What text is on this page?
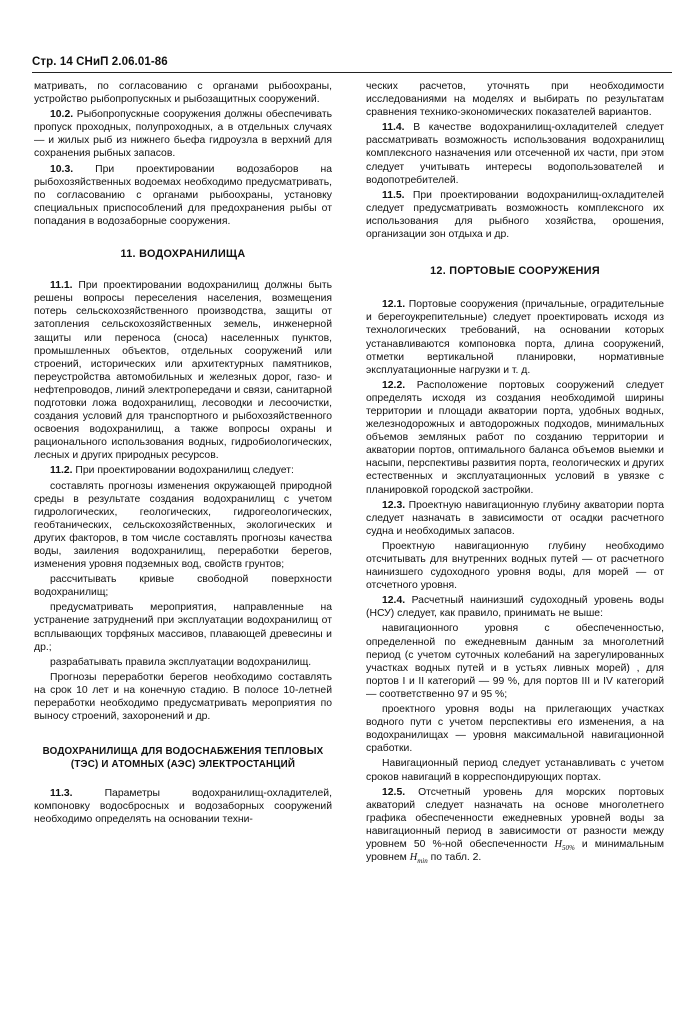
Стр. 14 СНиП 2.06.01-86

матривать, по согласованию с органами рыбоохраны, устройство рыбопропускных и рыбозащитных сооружений.

10.2. Рыбопропускные сооружения должны обеспечивать пропуск проходных, полупроходных, а в отдельных случаях — и жилых рыб из нижнего бьефа гидроузла в верхний для сохранения рыбных запасов.

10.3. При проектировании водозаборов на рыбохозяйственных водоемах необходимо предусматривать, по согласованию с органами рыбоохраны, установку специальных приспособлений для предохранения рыбы от попадания в водозаборные сооружения.

11. ВОДОХРАНИЛИЩА

11.1. При проектировании водохранилищ должны быть решены вопросы переселения населения, возмещения потерь сельскохозяйственного производства, защиты от затопления сельскохозяйственных земель, инженерной защиты или переноса (сноса) населенных пунктов, промышленных объектов, отдельных сооружений или строений, исторических или архитектурных памятников, переустройства автомобильных и железных дорог, газо- и нефтепроводов, линий электропередачи и связи, санитарной подготовки ложа водохранилищ, лесоводки и лесоочистки, создания условий для транспортного и рыбохозяйственного освоения водохранилищ, а также вопросы охраны и рационального использования водных, гидробиологических, лесных и других природных ресурсов.

11.2. При проектировании водохранилищ следует:

составлять прогнозы изменения окружающей природной среды в результате создания водохранилищ с учетом гидрологических, геологических, гидрогеологических, геобтанических, сельскохозяйственных, экологических и других факторов, в том числе составлять прогнозы качества воды, заиления водохранилищ, переработки берегов, изменения уровня подземных вод, свойств грунтов;

рассчитывать кривые свободной поверхности водохранилищ;

предусматривать мероприятия, направленные на устранение затруднений при эксплуатации водохранилищ от всплывающих торфяных массивов, плавающей древесины и др.;

разрабатывать правила эксплуатации водохранилищ.

Прогнозы переработки берегов необходимо составлять на срок 10 лет и на конечную стадию. В полосе 10-летней переработки необходимо предусматривать мероприятия по выносу строений, захоронений и др.

ВОДОХРАНИЛИЩА ДЛЯ ВОДОСНАБЖЕНИЯ ТЕПЛОВЫХ (ТЭС) И АТОМНЫХ (АЭС) ЭЛЕКТРОСТАНЦИЙ

11.3. Параметры водохранилищ-охладителей, компоновку водосбросных и водозаборных сооружений необходимо определять на основании техни-

ческих расчетов, уточнять при необходимости исследованиями на моделях и выбирать по результатам сравнения технико-экономических показателей вариантов.

11.4. В качестве водохранилищ-охладителей следует рассматривать возможность использования водохранилищ комплексного назначения или отсеченной их части, при этом следует учитывать интересы водопользователей и водопотребителей.

11.5. При проектировании водохранилищ-охладителей следует предусматривать возможность комплексного их использования для рыбного хозяйства, орошения, организации зон отдыха и др.

12. ПОРТОВЫЕ СООРУЖЕНИЯ

12.1. Портовые сооружения (причальные, оградительные и берегоукрепительные) следует проектировать исходя из технологических требований, на основании которых устанавливаются компоновка порта, длина сооружений, отметки вертикальной планировки, нормативные эксплуатационные нагрузки и т. д.

12.2. Расположение портовых сооружений следует определять исходя из создания необходимой ширины территории и площади акватории порта, удобных водных, железнодорожных и автодорожных подходов, минимальных объемов земляных работ по созданию территории и акватории портов, оптимального баланса объемов выемки и насыпи, перспективы развития порта, геологических и других естественных и эксплуатационных условий в увязке с планировкой городской застройки.

12.3. Проектную навигационную глубину акватории порта следует назначать в зависимости от осадки расчетного судна и необходимых запасов.

Проектную навигационную глубину необходимо отсчитывать для внутренних водных путей — от расчетного наинизшего судоходного уровня воды, для морей — от отсчетного уровня.

12.4. Расчетный наинизший судоходный уровень воды (НСУ) следует, как правило, принимать не выше:

навигационного уровня с обеспеченностью, определенной по ежедневным данным за многолетний период (с учетом суточных колебаний на зарегулированных участках водных путей и в устьях ливных морей) , для портов I и II категорий — 99 %, для портов III и IV категорий — соответственно 97 и 95 %;

проектного уровня воды на прилегающих участках водного пути с учетом перспективы его изменения, а на водохранилищах — уровня максимальной навигационной сработки.

Навигационный период следует устанавливать с учетом сроков навигаций в корреспондирующих портах.

12.5. Отсчетный уровень для морских портовых акваторий следует назначать на основе многолетнего графика обеспеченности ежедневных уровней воды за навигационный период в зависимости от разности между уровнем 50 %-ной обеспеченности $H_{50\%}$ и минимальным уровнем $H_{min}$ по табл. 2.
